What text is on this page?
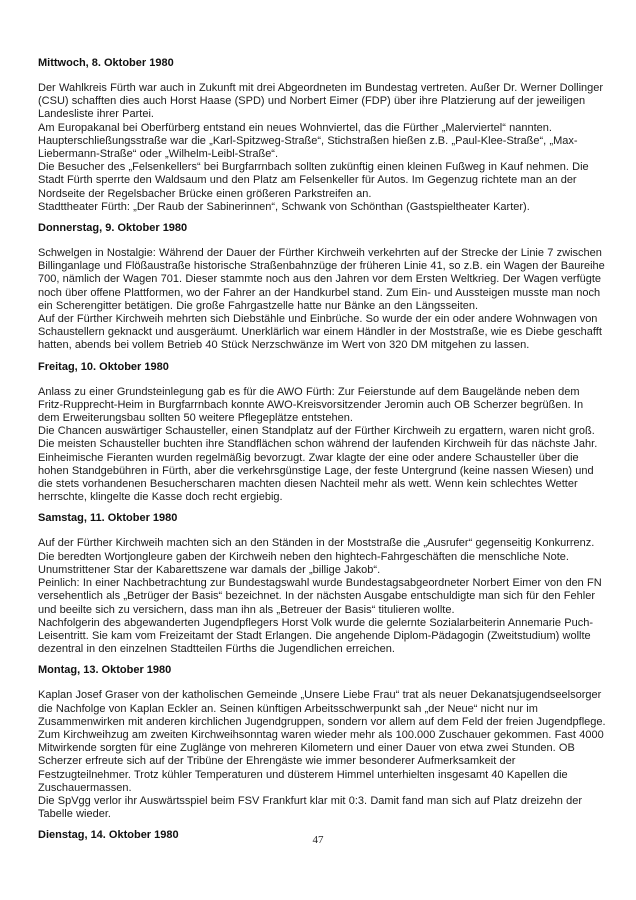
Mittwoch, 8. Oktober 1980

Der Wahlkreis Fürth war auch in Zukunft mit drei Abgeordneten im Bundestag vertreten. Außer Dr. Werner Dollinger (CSU) schafften dies auch Horst Haase (SPD) und Norbert Eimer (FDP) über ihre Platzierung auf der jeweiligen Landesliste ihrer Partei.

Am Europakanal bei Oberfürberg entstand ein neues Wohnviertel, das die Fürther „Malerviertel“ nannten. Haupterschließungsstraße war die „Karl-Spitzweg-Straße“, Stichstraßen hießen z.B. „Paul-Klee-Straße“, „Max-Liebermann-Straße“ oder „Wilhelm-Leibl-Straße“.

Die Besucher des „Felsenkellers“ bei Burgfarrnbach sollten zukünftig einen kleinen Fußweg in Kauf nehmen. Die Stadt Fürth sperrte den Waldsaum und den Platz am Felsenkeller für Autos. Im Gegenzug richtete man an der Nordseite der Regelsbacher Brücke einen größeren Parkstreifen an.

Stadttheater Fürth: „Der Raub der Sabinerinnen“, Schwank von Schönthan (Gastspieltheater Karter).

Donnerstag, 9. Oktober 1980

Schwelgen in Nostalgie: Während der Dauer der Fürther Kirchweih verkehrten auf der Strecke der Linie 7 zwischen Billinganlage und Flößaustraße historische Straßenbahnzüge der früheren Linie 41, so z.B. ein Wagen der Baureihe 700, nämlich der Wagen 701. Dieser stammte noch aus den Jahren vor dem Ersten Weltkrieg. Der Wagen verfügte noch über offene Plattformen, wo der Fahrer an der Handkurbel stand. Zum Ein- und Aussteigen musste man noch ein Scherengitter betätigen. Die große Fahrgastzelle hatte nur Bänke an den Längsseiten.

Auf der Fürther Kirchweih mehrten sich Diebstähle und Einbrüche. So wurde der ein oder andere Wohnwagen von Schaustellern geknackt und ausgeräumt. Unerklärlich war einem Händler in der Moststraße, wie es Diebe geschafft hatten, abends bei vollem Betrieb 40 Stück Nerzschwänze im Wert von 320 DM mitgehen zu lassen.

Freitag, 10. Oktober 1980

Anlass zu einer Grundsteinlegung gab es für die AWO Fürth: Zur Feierstunde auf dem Baugelände neben dem Fritz-Rupprecht-Heim in Burgfarrnbach konnte AWO-Kreisvorsitzender Jeromin auch OB Scherzer begrüßen. In dem Erweiterungsbau sollten 50 weitere Pflegeplätze entstehen.

Die Chancen auswärtiger Schausteller, einen Standplatz auf der Fürther Kirchweih zu ergattern, waren nicht groß. Die meisten Schausteller buchten ihre Standflächen schon während der laufenden Kirchweih für das nächste Jahr. Einheimische Fieranten wurden regelmäßig bevorzugt. Zwar klagte der eine oder andere Schausteller über die hohen Standgebühren in Fürth, aber die verkehrsgünstige Lage, der feste Untergrund (keine nassen Wiesen) und die stets vorhandenen Besucherscharen machten diesen Nachteil mehr als wett. Wenn kein schlechtes Wetter herrschte, klingelte die Kasse doch recht ergiebig.

Samstag, 11. Oktober 1980

Auf der Fürther Kirchweih machten sich an den Ständen in der Moststraße die „Ausrufer“ gegenseitig Konkurrenz. Die beredten Wortjongleure gaben der Kirchweih neben den hightech-Fahrgeschäften die menschliche Note. Unumstrittener Star der Kabarettszene war damals der „billige Jakob“.

Peinlich: In einer Nachbetrachtung zur Bundestagswahl wurde Bundestagsabgeordneter Norbert Eimer von den FN versehentlich als „Betrüger der Basis“ bezeichnet. In der nächsten Ausgabe entschuldigte man sich für den Fehler und beeilte sich zu versichern, dass man ihn als „Betreuer der Basis“ titulieren wollte.

Nachfolgerin des abgewanderten Jugendpflegers Horst Volk wurde die gelernte Sozialarbeiterin Annemarie Puch-Leisentritt. Sie kam vom Freizeitamt der Stadt Erlangen. Die angehende Diplom-Pädagogin (Zweitstudium) wollte dezentral in den einzelnen Stadtteilen Fürths die Jugendlichen erreichen.

Montag, 13. Oktober 1980

Kaplan Josef Graser von der katholischen Gemeinde „Unsere Liebe Frau“ trat als neuer Dekanatsjugendseelsorger die Nachfolge von Kaplan Eckler an. Seinen künftigen Arbeitsschwerpunkt sah „der Neue“ nicht nur im Zusammenwirken mit anderen kirchlichen Jugendgruppen, sondern vor allem auf dem Feld der freien Jugendpflege.

Zum Kirchweihzug am zweiten Kirchweihsonntag waren wieder mehr als 100.000 Zuschauer gekommen. Fast 4000 Mitwirkende sorgten für eine Zuglänge von mehreren Kilometern und einer Dauer von etwa zwei Stunden. OB Scherzer erfreute sich auf der Tribüne der Ehrengäste wie immer besonderer Aufmerksamkeit der Festzugteilnehmer. Trotz kühler Temperaturen und düsterem Himmel unterhielten insgesamt 40 Kapellen die Zuschauermassen.

Die SpVgg verlor ihr Auswärtsspiel beim FSV Frankfurt klar mit 0:3. Damit fand man sich auf Platz dreizehn der Tabelle wieder.

Dienstag, 14. Oktober 1980	47
